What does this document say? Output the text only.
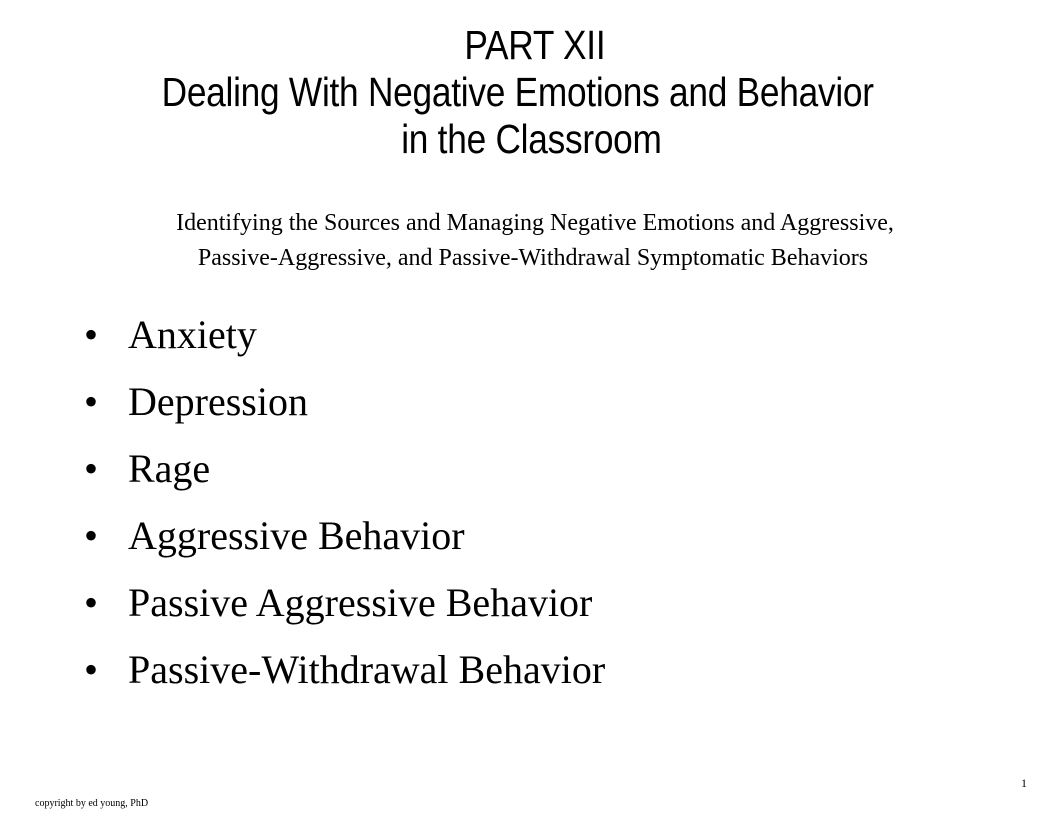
PART XII
Dealing With Negative Emotions and Behavior
in the Classroom
Identifying the Sources and Managing Negative Emotions and Aggressive,
Passive-Aggressive, and Passive-Withdrawal Symptomatic Behaviors
• Anxiety
• Depression
• Rage
• Aggressive Behavior
• Passive Aggressive Behavior
• Passive-Withdrawal Behavior
copyright by ed young, PhD
1
